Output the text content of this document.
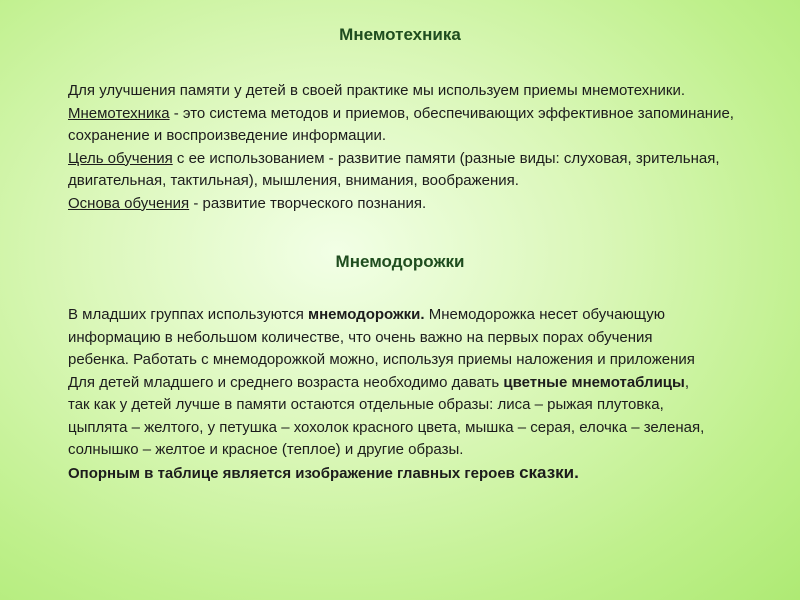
Мнемотехника
Для улучшения памяти у детей в своей практике мы используем приемы мнемотехники. Мнемотехника - это система методов и приемов, обеспечивающих эффективное запоминание, сохранение и воспроизведение информации.
Цель обучения с ее использованием - развитие памяти (разные виды: слуховая, зрительная, двигательная, тактильная), мышления, внимания, воображения.
Основа обучения - развитие творческого познания.
Мнемодорожки
В младших группах используются мнемодорожки. Мнемодорожка несет обучающую информацию в небольшом количестве, что очень важно на первых порах обучения ребенка. Работать с мнемодорожкой можно, используя приемы наложения и приложения Для детей младшего и среднего возраста необходимо давать цветные мнемотаблицы, так как у детей лучше в памяти остаются отдельные образы: лиса – рыжая плутовка, цыплята – желтого, у петушка – хохолок красного цвета, мышка – серая, елочка – зеленая, солнышко – желтое и красное (теплое) и другие образы.
Опорным в таблице является изображение главных героев сказки.
